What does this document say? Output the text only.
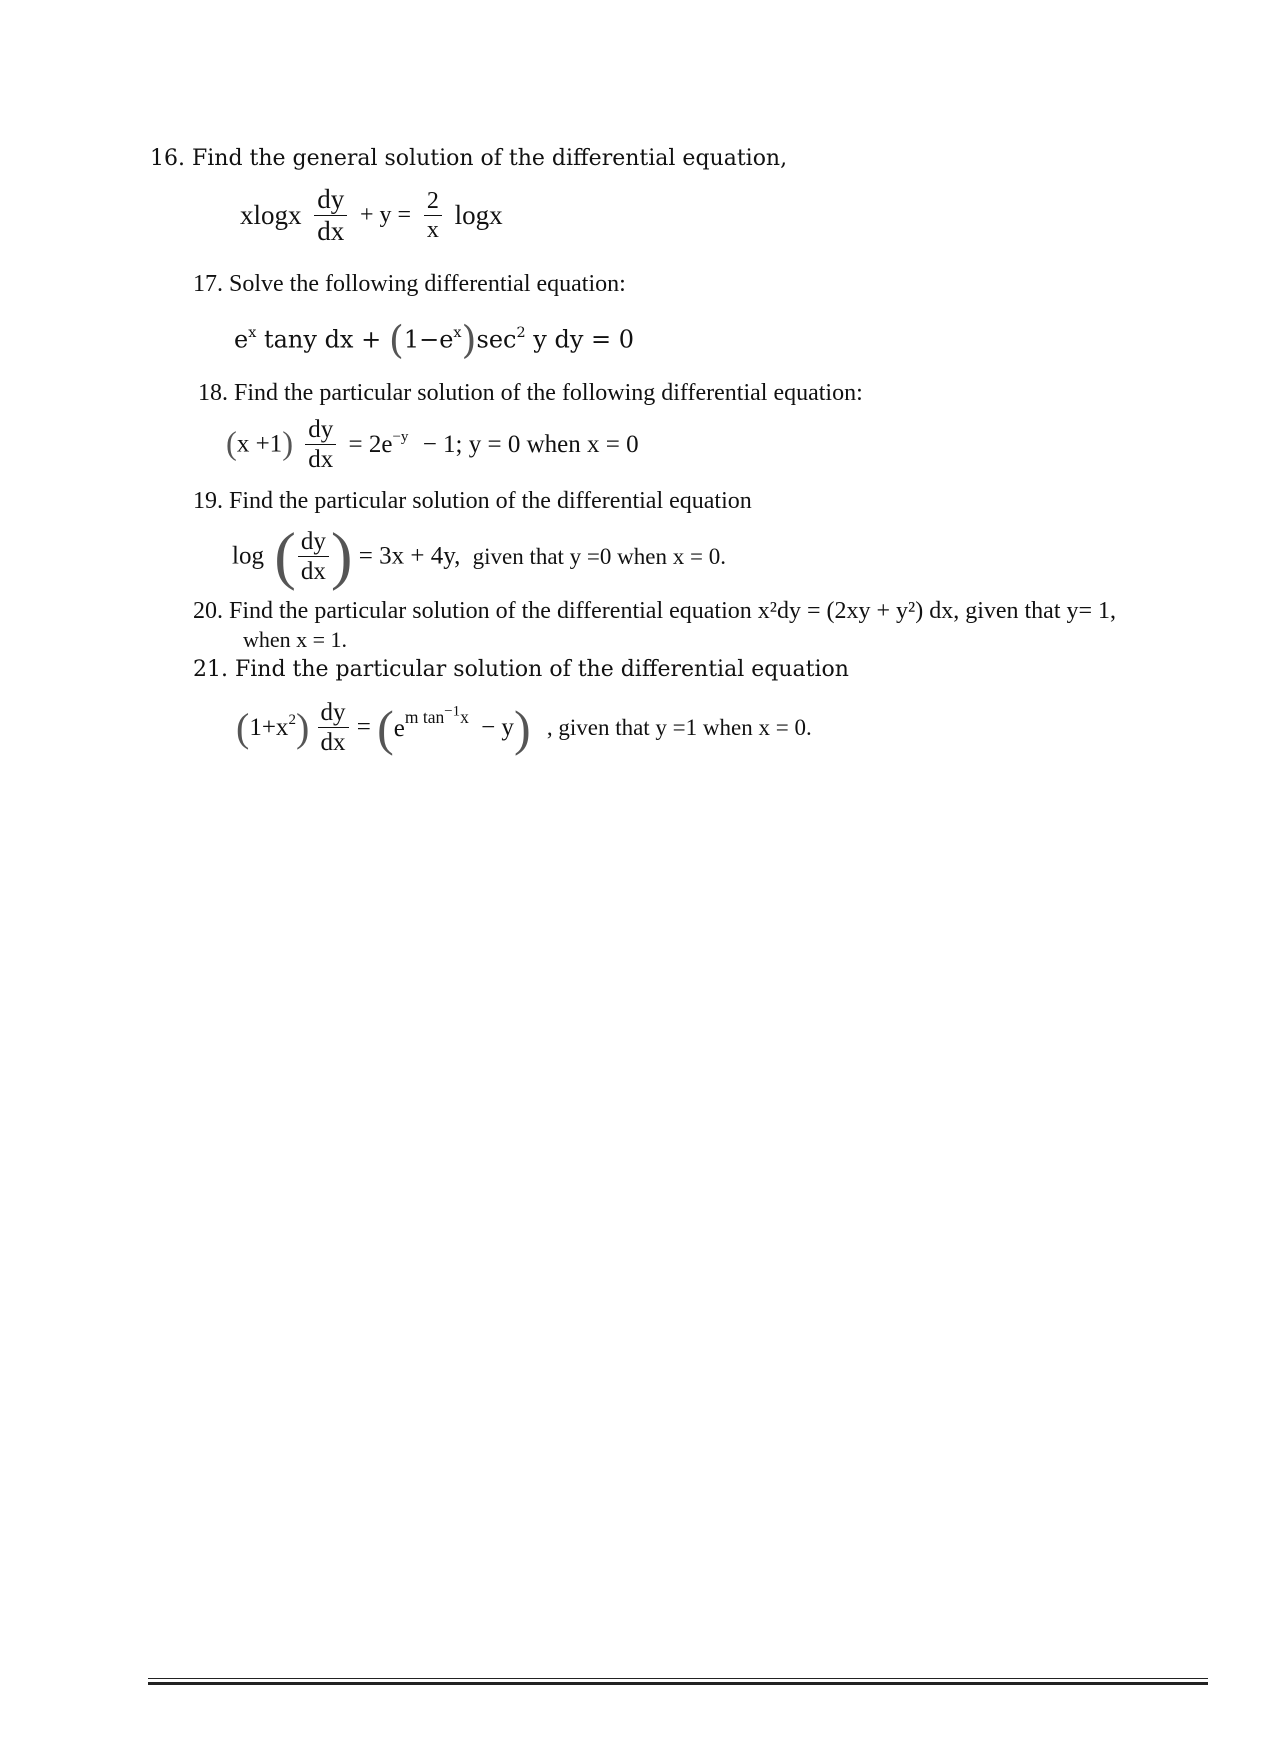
16. Find the general solution of the differential equation,
xlogx $\frac{dy}{dx} + y = \frac{2}{x}$ logx
17. Solve the following differential equation:
$e^x$ tany dx + $(1-e^x)\sec^2$ y dy = 0
18. Find the particular solution of the following differential equation:
$(x +1) \frac{dy}{dx} = 2e^{-y} - 1$; y = 0 when x = 0
19. Find the particular solution of the differential equation
log ( $\frac{dy}{dx}$ ) = 3x + 4y, given that y =0 when x = 0.
20. Find the particular solution of the differential equation x²dy = (2xy + y²) dx, given that y= 1,
when x = 1.
21. Find the particular solution of the differential equation
$(1+x^2) \frac{dy}{dx} = (e^{m tan^{-1}x} - y)$ , given that y =1 when x = 0.
